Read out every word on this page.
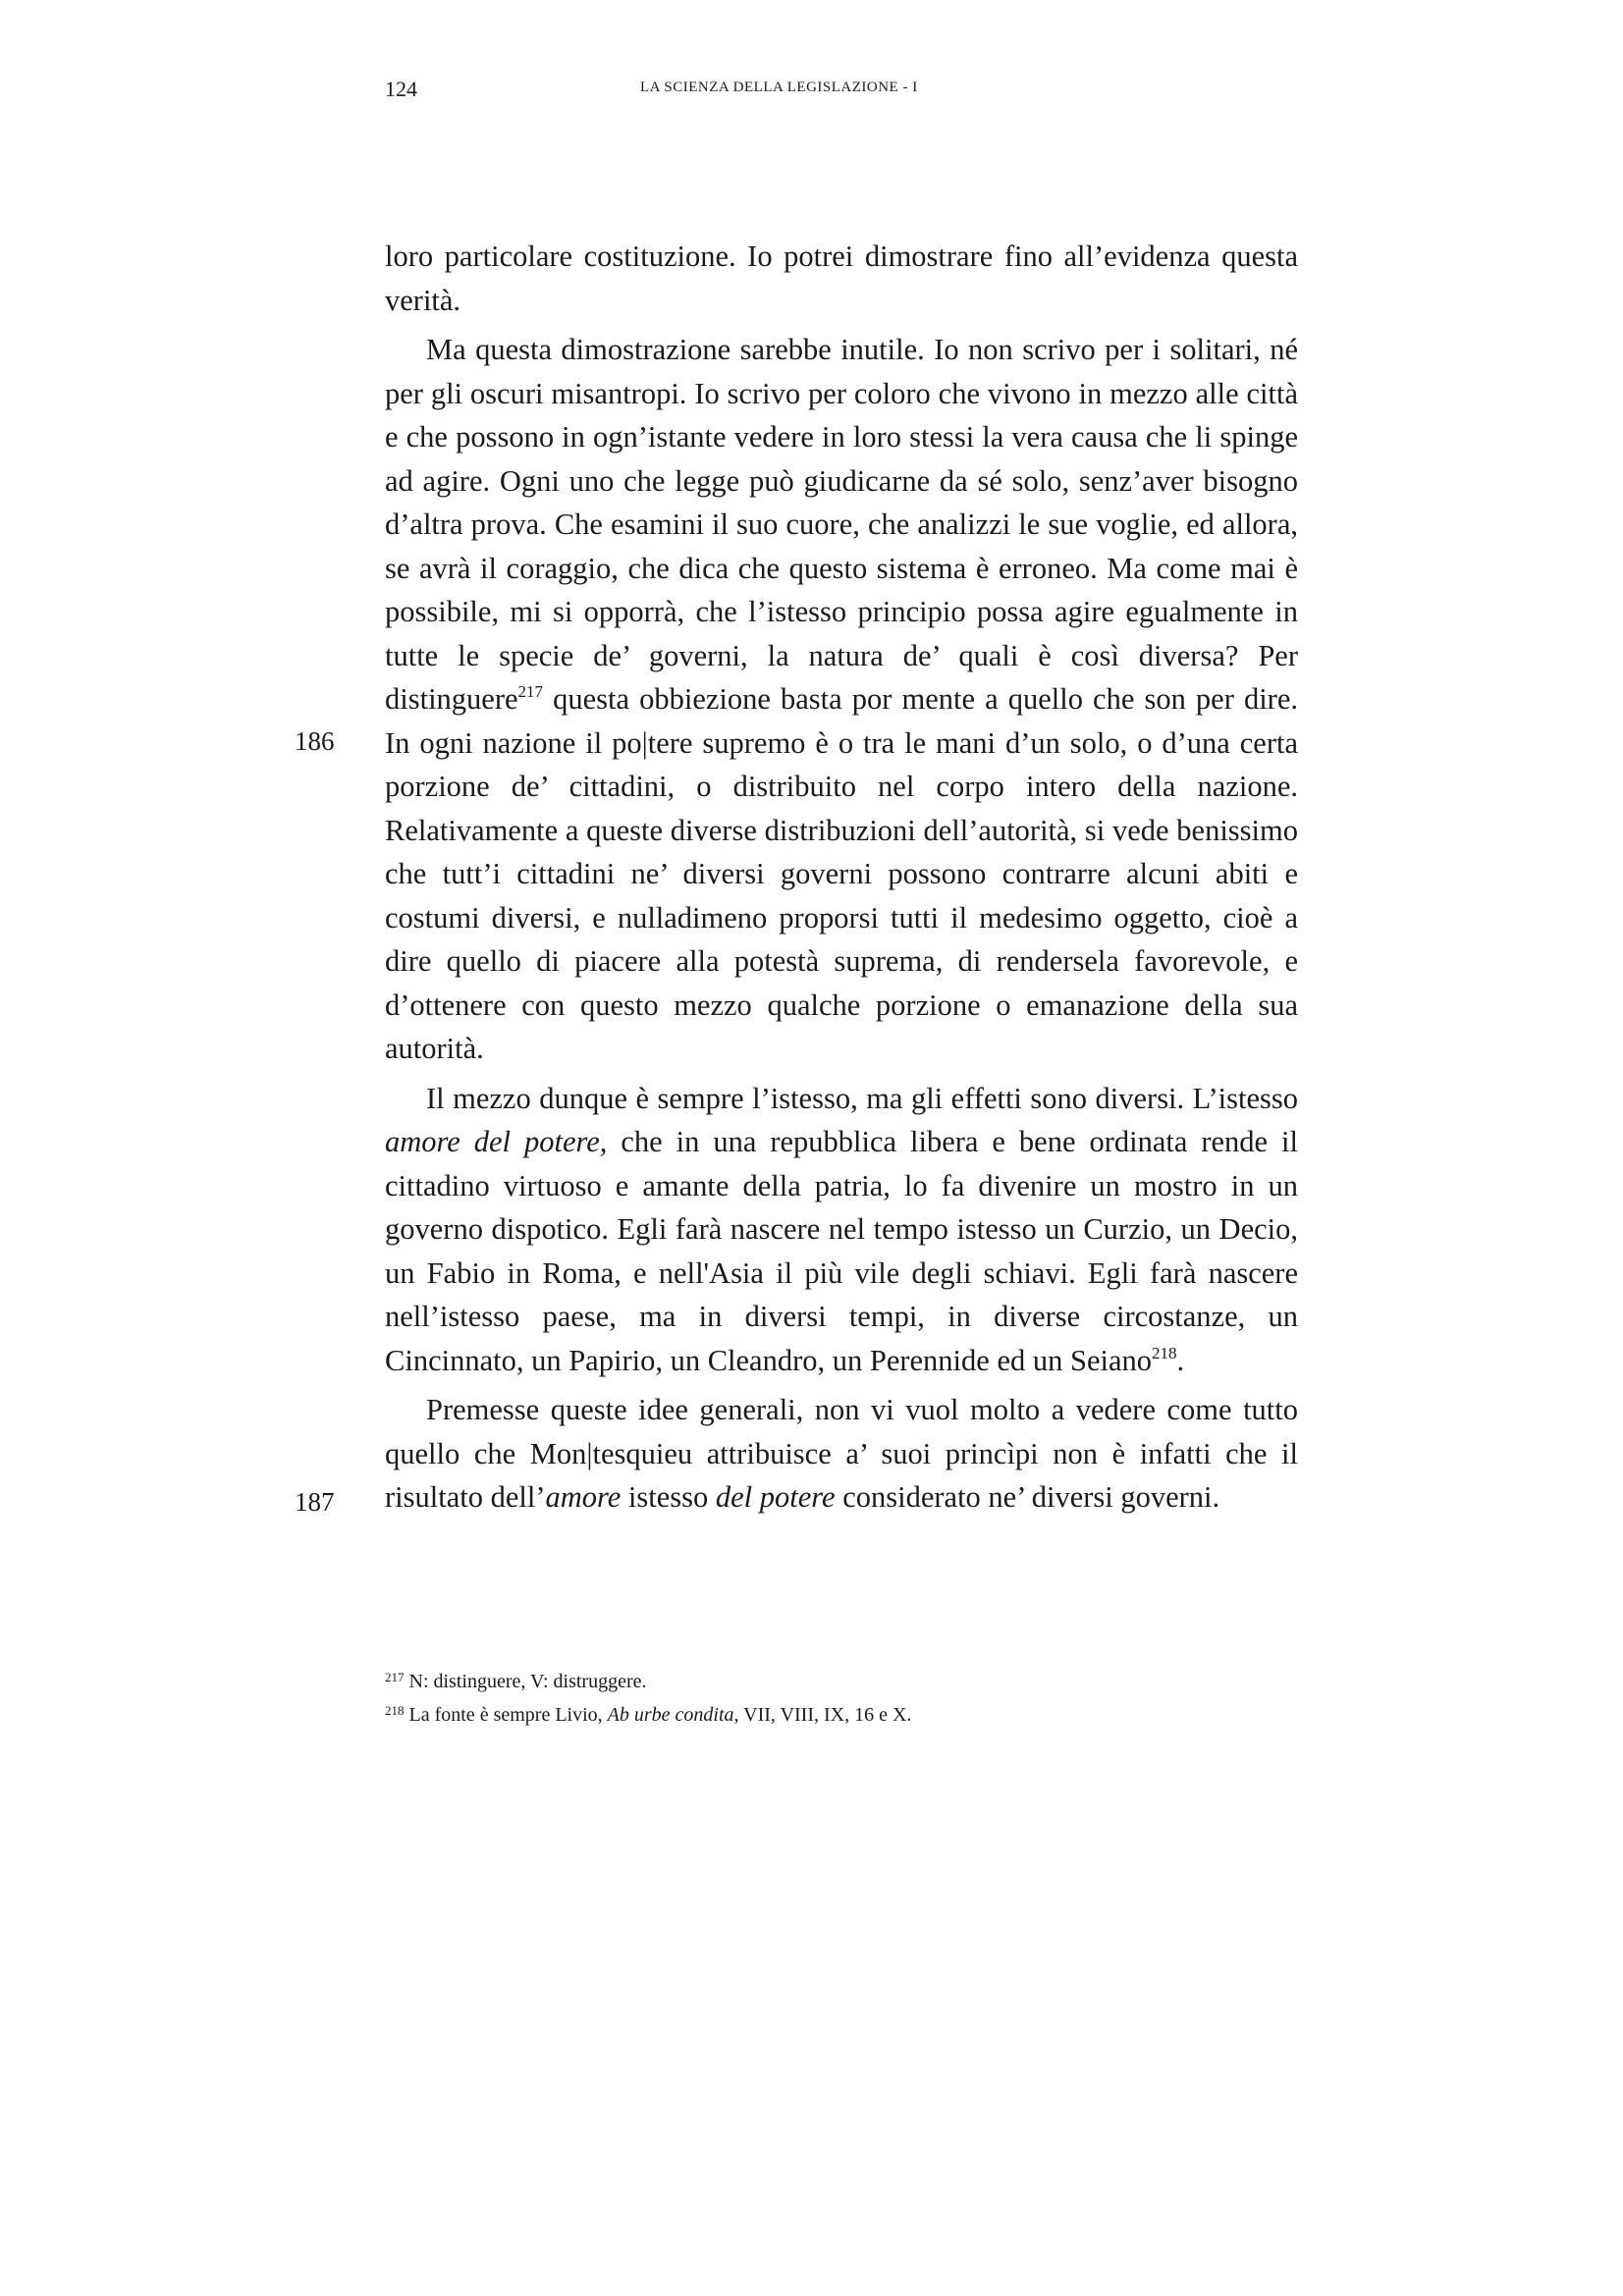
124	LA SCIENZA DELLA LEGISLAZIONE - I
186
187

loro particolare costituzione. Io potrei dimostrare fino all’evidenza questa verità.

Ma questa dimostrazione sarebbe inutile. Io non scrivo per i solitari, né per gli oscuri misantropi. Io scrivo per coloro che vivono in mezzo alle città e che possono in ogn’istante vedere in loro stessi la vera causa che li spinge ad agire. Ogni uno che legge può giudicarne da sé solo, senz’aver bisogno d’altra prova. Che esamini il suo cuore, che analizzi le sue voglie, ed allora, se avrà il coraggio, che dica che questo sistema è erroneo. Ma come mai è possibile, mi si opporrà, che l’istesso principio possa agire egualmente in tutte le specie de’ governi, la natura de’ quali è così diversa? Per distinguere$^{217}$ questa obbiezione basta por mente a quello che son per dire. In ogni nazione il po|tere supremo è o tra le mani d’un solo, o d’una certa porzione de’ cittadini, o distribuito nel corpo intero della nazione. Relativamente a queste diverse distribuzioni dell’autorità, si vede benissimo che tutt’i cittadini ne’ diversi governi possono contrarre alcuni abiti e costumi diversi, e nulladimeno proporsi tutti il medesimo oggetto, cioè a dire quello di piacere alla potestà suprema, di rendersela favorevole, e d’ottenere con questo mezzo qualche porzione o emanazione della sua autorità.

Il mezzo dunque è sempre l’istesso, ma gli effetti sono diversi. L’istesso amore del potere, che in una repubblica libera e bene ordinata rende il cittadino virtuoso e amante della patria, lo fa divenire un mostro in un governo dispotico. Egli farà nascere nel tempo istesso un Curzio, un Decio, un Fabio in Roma, e nell'Asia il più vile degli schiavi. Egli farà nascere nell’istesso paese, ma in diversi tempi, in diverse circostanze, un Cincinnato, un Papirio, un Cleandro, un Perennide ed un Seiano$^{218}$.

Premesse queste idee generali, non vi vuol molto a vedere come tutto quello che Mon|tesquieu attribuisce a’ suoi princìpi non è infatti che il risultato dell’amore istesso del potere considerato ne’ diversi governi.

$^{217}$ N: distinguere, V: distruggere.
$^{218}$ La fonte è sempre Livio, Ab urbe condita, VII, VIII, IX, 16 e X.
